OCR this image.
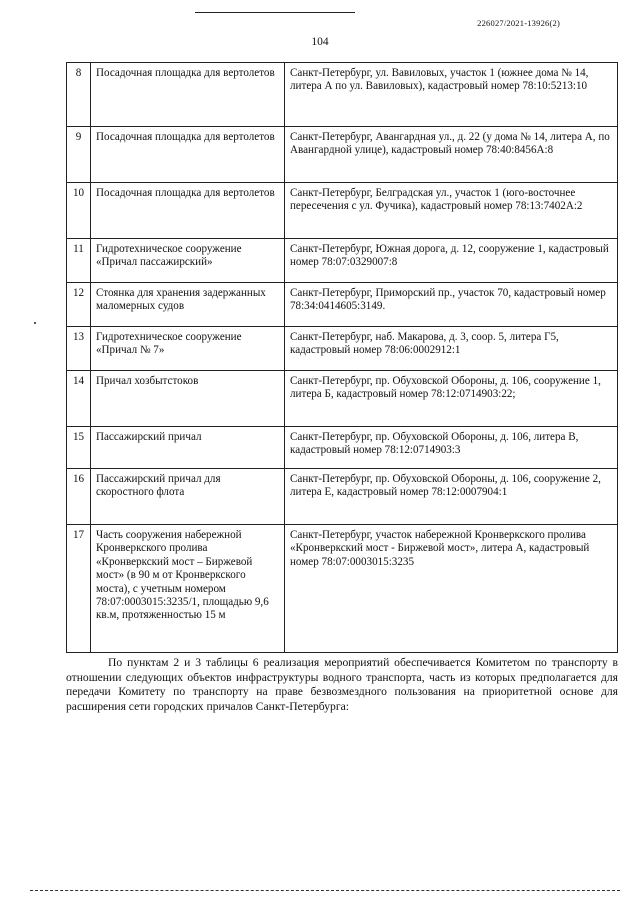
226027/2021-13926(2)
104
8	Посадочная площадка для вертолетов	Санкт-Петербург, ул. Вавиловых, участок 1 (южнее дома № 14, литера А по ул. Вавиловых), кадастровый номер 78:10:5213:10
9	Посадочная площадка для вертолетов	Санкт-Петербург, Авангардная ул., д. 22 (у дома № 14, литера А, по Авангардной улице), кадастровый номер 78:40:8456А:8
10	Посадочная площадка для вертолетов	Санкт-Петербург, Белградская ул., участок 1 (юго-восточнее пересечения с ул. Фучика), кадастровый номер 78:13:7402А:2
11	Гидротехническое сооружение «Причал пассажирский»	Санкт-Петербург, Южная дорога, д. 12, сооружение 1, кадастровый номер 78:07:0329007:8
12	Стоянка для хранения задержанных маломерных судов	Санкт-Петербург, Приморский пр., участок 70, кадастровый номер 78:34:0414605:3149.
13	Гидротехническое сооружение «Причал № 7»	Санкт-Петербург, наб. Макарова, д. 3, соор. 5, литера Г5, кадастровый номер 78:06:0002912:1
14	Причал хозбытстоков	Санкт-Петербург, пр. Обуховской Обороны, д. 106, сооружение 1, литера Б, кадастровый номер 78:12:0714903:22;
15	Пассажирский причал	Санкт-Петербург, пр. Обуховской Обороны, д. 106, литера В, кадастровый номер 78:12:0714903:3
16	Пассажирский причал для скоростного флота	Санкт-Петербург, пр. Обуховской Обороны, д. 106, сооружение 2, литера Е, кадастровый номер 78:12:0007904:1
17	Часть сооружения набережной Кронверкского пролива «Кронверкский мост – Биржевой мост» (в 90 м от Кронверкского моста), с учетным номером 78:07:0003015:3235/1, площадью 9,6 кв.м, протяженностью 15 м	Санкт-Петербург, участок набережной Кронверкского пролива «Кронверкский мост - Биржевой мост», литера А, кадастровый номер 78:07:0003015:3235
По пунктам 2 и 3 таблицы 6 реализация мероприятий обеспечивается Комитетом по транспорту в отношении следующих объектов инфраструктуры водного транспорта, часть из которых предполагается для передачи Комитету по транспорту на праве безвозмездного пользования на приоритетной основе для расширения сети городских причалов Санкт-Петербурга:
